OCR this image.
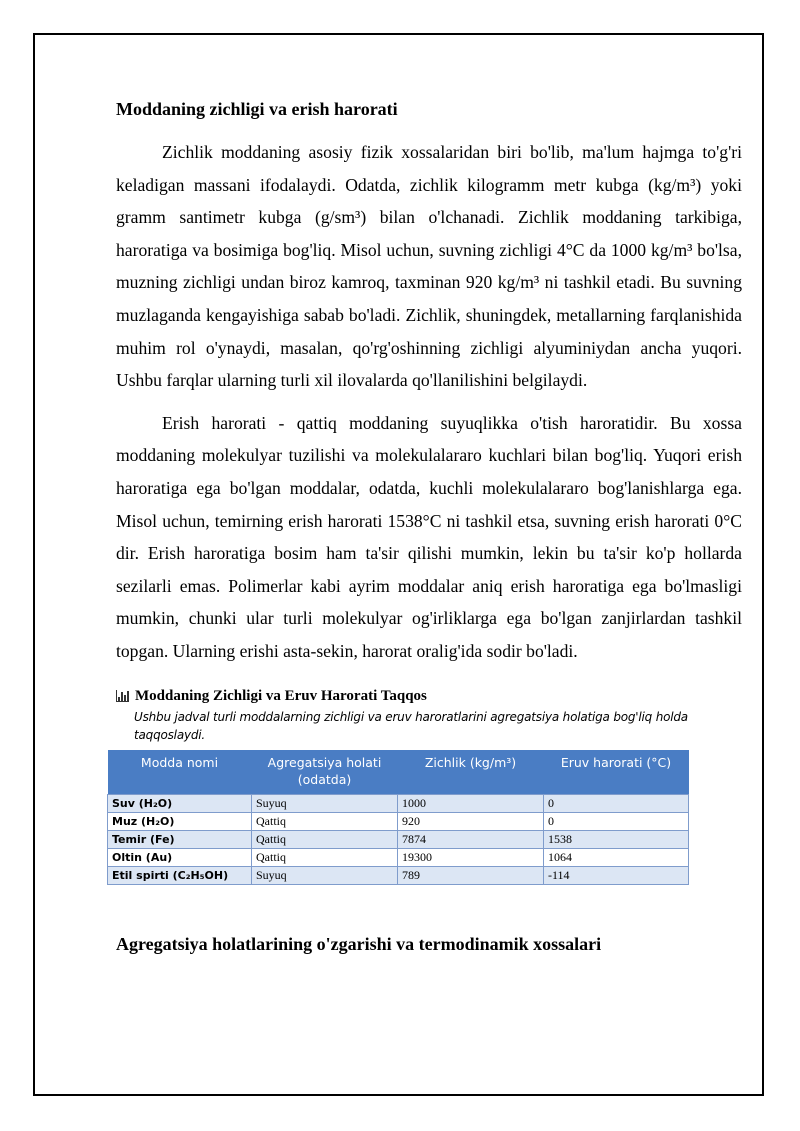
Moddaning zichligi va erish harorati

Zichlik moddaning asosiy fizik xossalaridan biri bo'lib, ma'lum hajmga to'g'ri keladigan massani ifodalaydi. Odatda, zichlik kilogramm metr kubga (kg/m³) yoki gramm santimetr kubga (g/sm³) bilan o'lchanadi. Zichlik moddaning tarkibiga, haroratiga va bosimiga bog'liq. Misol uchun, suvning zichligi 4°C da 1000 kg/m³ bo'lsa, muzning zichligi undan biroz kamroq, taxminan 920 kg/m³ ni tashkil etadi. Bu suvning muzlaganda kengayishiga sabab bo'ladi. Zichlik, shuningdek, metallarning farqlanishida muhim rol o'ynaydi, masalan, qo'rg'oshinning zichligi alyuminiydan ancha yuqori. Ushbu farqlar ularning turli xil ilovalarda qo'llanilishini belgilaydi.

Erish harorati - qattiq moddaning suyuqlikka o'tish haroratidir. Bu xossa moddaning molekulyar tuzilishi va molekulalararo kuchlari bilan bog'liq. Yuqori erish haroratiga ega bo'lgan moddalar, odatda, kuchli molekulalararo bog'lanishlarga ega. Misol uchun, temirning erish harorati 1538°C ni tashkil etsa, suvning erish harorati 0°C dir. Erish haroratiga bosim ham ta'sir qilishi mumkin, lekin bu ta'sir ko'p hollarda sezilarli emas. Polimerlar kabi ayrim moddalar aniq erish haroratiga ega bo'lmasligi mumkin, chunki ular turli molekulyar og'irliklarga ega bo'lgan zanjirlardan tashkil topgan. Ularning erishi asta-sekin, harorat oralig'ida sodir bo'ladi.

Moddaning Zichligi va Eruv Harorati Taqqos
Ushbu jadval turli moddalarning zichligi va eruv haroratlarini agregatsiya holatiga bog'liq holda taqqoslaydi.
Modda nomi	Agregatsiya holati (odatda)	Zichlik (kg/m³)	Eruv harorati (°C)
Suv (H₂O)	Suyuq	1000	0
Muz (H₂O)	Qattiq	920	0
Temir (Fe)	Qattiq	7874	1538
Oltin (Au)	Qattiq	19300	1064
Etil spirti (C₂H₅OH)	Suyuq	789	-114
Agregatsiya holatlarining o'zgarishi va termodinamik xossalari
